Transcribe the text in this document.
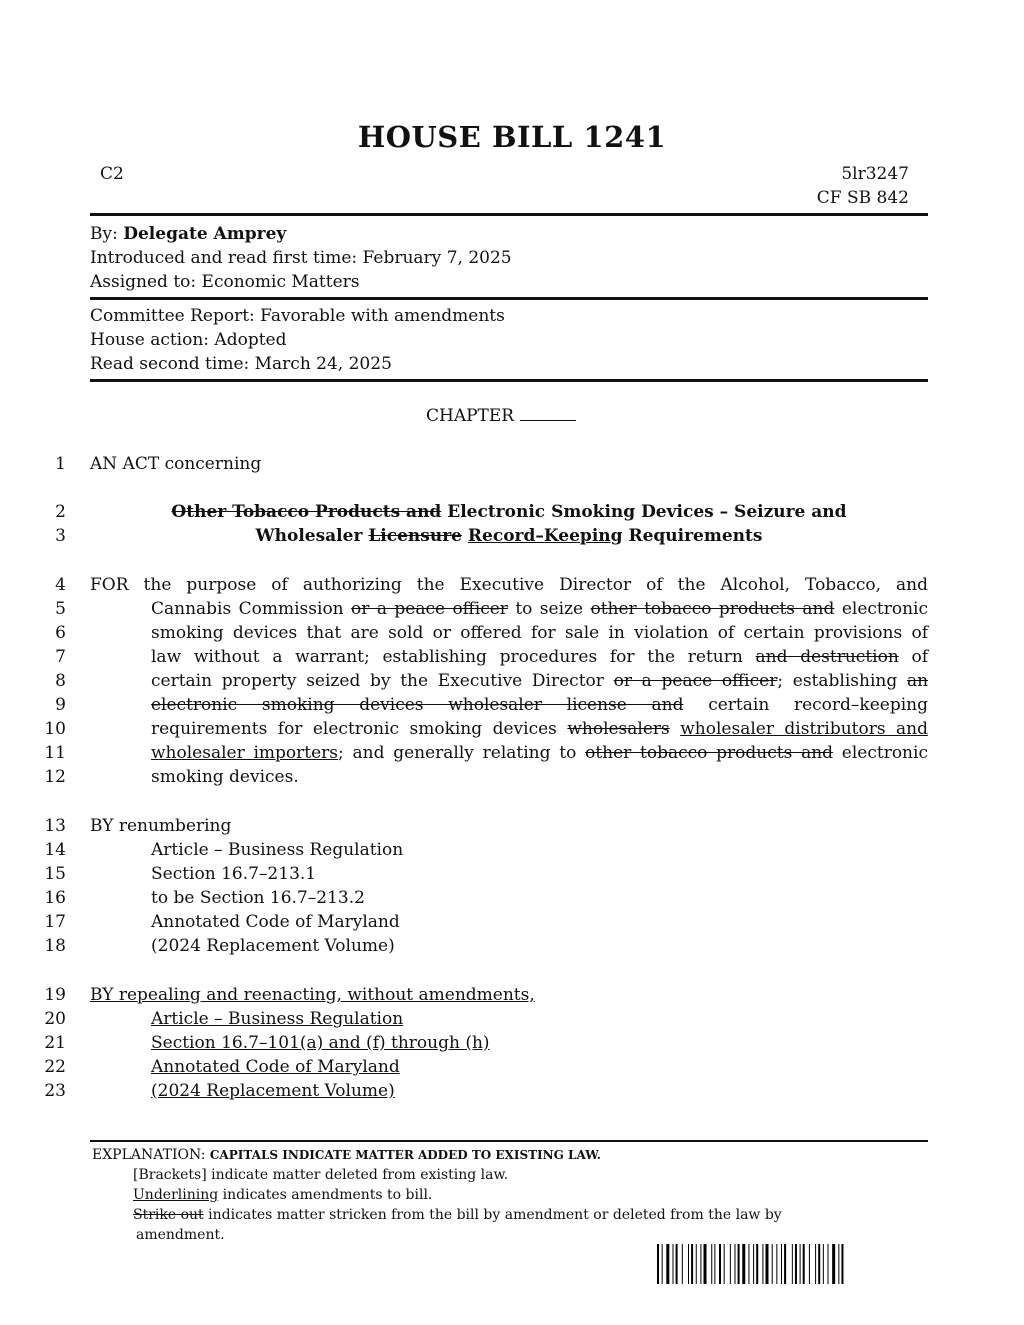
HOUSE BILL 1241
C2	5lr3247
CF SB 842
By: Delegate Amprey
Introduced and read first time: February 7, 2025
Assigned to: Economic Matters
Committee Report: Favorable with amendments
House action: Adopted
Read second time: March 24, 2025
CHAPTER
1
2
3
4
5
6
7
8
9
10
11
12
13
14
15
16
17
18
19
20
21
22
23
AN ACT concerning
Other Tobacco Products and Electronic Smoking Devices – Seizure and
Wholesaler Licensure Record–Keeping Requirements
FOR the purpose of authorizing the Executive Director of the Alcohol, Tobacco, and
Cannabis Commission or a peace officer to seize other tobacco products and electronic
smoking devices that are sold or offered for sale in violation of certain provisions of
law without a warrant; establishing procedures for the return and destruction of
certain property seized by the Executive Director or a peace officer; establishing an
electronic smoking devices wholesaler license and certain record–keeping
requirements for electronic smoking devices wholesalers wholesaler distributors and
wholesaler importers; and generally relating to other tobacco products and electronic
smoking devices.
BY renumbering
Article – Business Regulation
Section 16.7–213.1
to be Section 16.7–213.2
Annotated Code of Maryland
(2024 Replacement Volume)
BY repealing and reenacting, without amendments,
Article – Business Regulation
Section 16.7–101(a) and (f) through (h)
Annotated Code of Maryland
(2024 Replacement Volume)
EXPLANATION: CAPITALS INDICATE MATTER ADDED TO EXISTING LAW.
[Brackets] indicate matter deleted from existing law.
Underlining indicates amendments to bill.
Strike out indicates matter stricken from the bill by amendment or deleted from the law by
amendment.
